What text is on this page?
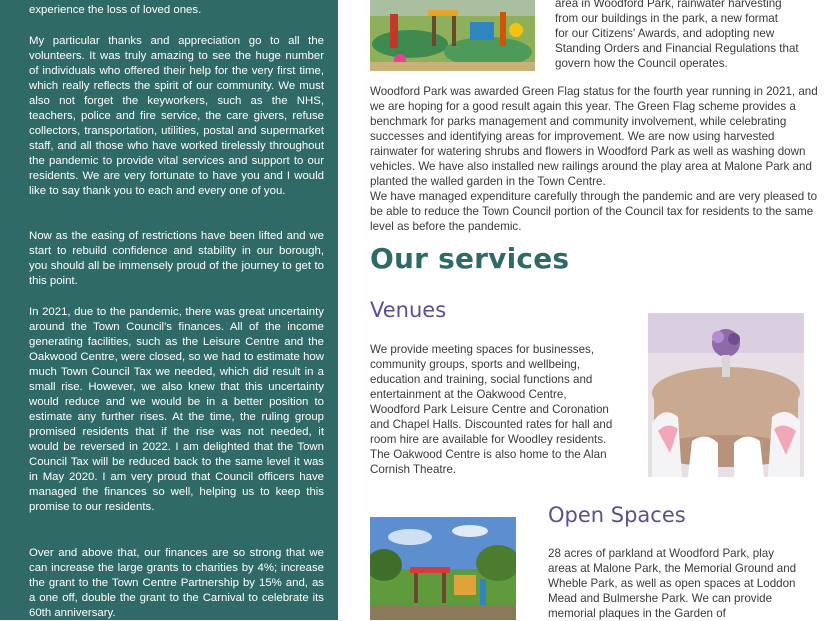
experience the loss of loved ones.

My particular thanks and appreciation go to all the volunteers. It was truly amazing to see the huge number of individuals who offered their help for the very first time, which really reflects the spirit of our community. We must also not forget the keyworkers, such as the NHS, teachers, police and fire service, the care givers, refuse collectors, transportation, utilities, postal and supermarket staff, and all those who have worked tirelessly throughout the pandemic to provide vital services and support to our residents. We are very fortunate to have you and I would like to say thank you to each and every one of you.

Now as the easing of restrictions have been lifted and we start to rebuild confidence and stability in our borough, you should all be immensely proud of the journey to get to this point.

In 2021, due to the pandemic, there was great uncertainty around the Town Council's finances. All of the income generating facilities, such as the Leisure Centre and the Oakwood Centre, were closed, so we had to estimate how much Town Council Tax we needed, which did result in a small rise. However, we also knew that this uncertainty would reduce and we would be in a better position to estimate any further rises. At the time, the ruling group promised residents that if the rise was not needed, it would be reversed in 2022. I am delighted that the Town Council Tax will be reduced back to the same level it was in May 2020. I am very proud that Council officers have managed the finances so well, helping us to keep this promise to our residents.

Over and above that, our finances are so strong that we can increase the large grants to charities by 4%; increase the grant to the Town Centre Partnership by 15% and, as a one off, double the grant to the Carnival to celebrate its 60th anniversary.

area in Woodford Park, rainwater harvesting

from our buildings in the park, a new format

for our Citizens' Awards, and adopting new

Standing Orders and Financial Regulations that

govern how the Council operates.

Woodford Park was awarded Green Flag status for the fourth year running in 2021, and we are hoping for a good result again this year. The Green Flag scheme provides a benchmark for parks management and community involvement, while celebrating successes and identifying areas for improvement. We are now using harvested rainwater for watering shrubs and flowers in Woodford Park as well as washing down vehicles. We have also installed new railings around the play area at Malone Park and planted the walled garden in the Town Centre.

We have managed expenditure carefully through the pandemic and are very pleased to be able to reduce the Town Council portion of the Council tax for residents to the same level as before the pandemic.

Our services
Venues

We provide meeting spaces for businesses, community groups, sports and wellbeing, education and training, social functions and entertainment at the Oakwood Centre, Woodford Park Leisure Centre and Coronation and Chapel Halls. Discounted rates for hall and room hire are available for Woodley residents. The Oakwood Centre is also home to the Alan Cornish Theatre.

Open Spaces

28 acres of parkland at Woodford Park, play areas at Malone Park, the Memorial Ground and Wheble Park, as well as open spaces at Loddon Mead and Bulmershe Park. We can provide memorial plaques in the Garden of
